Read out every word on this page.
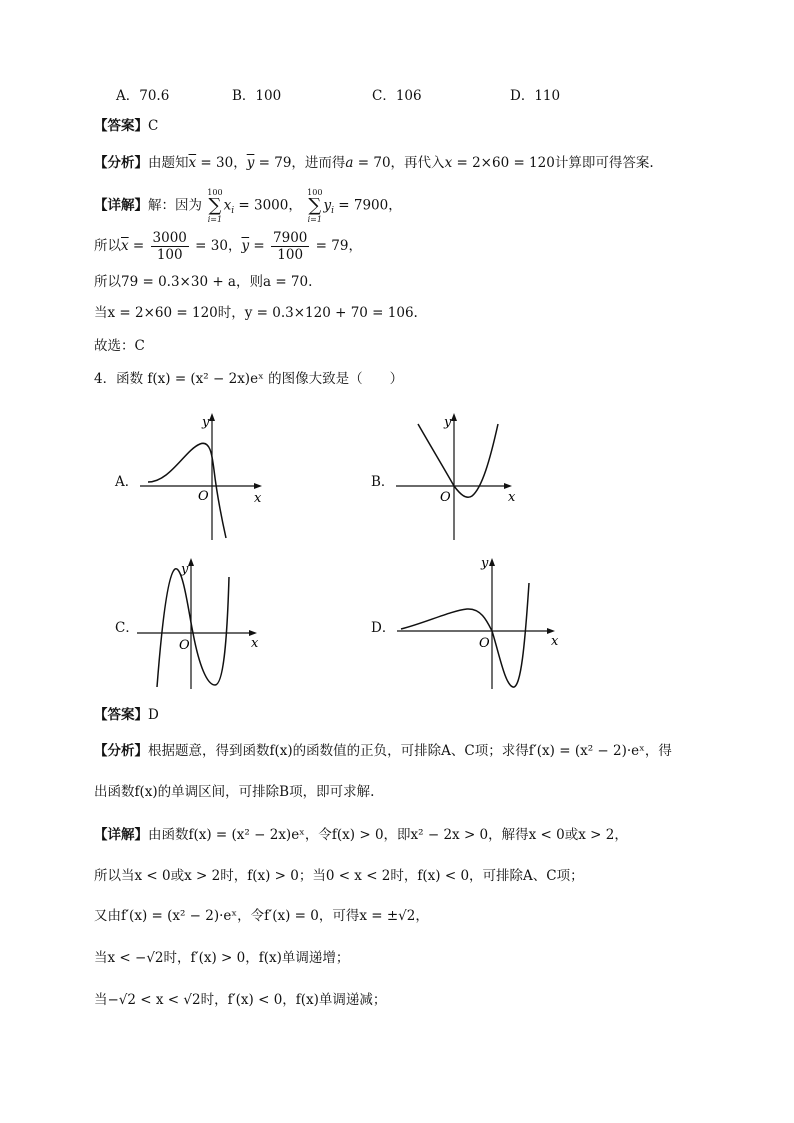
A．70.6	B．100	C．106	D．110
【答案】C
【分析】由题知$\overline{x} = 30$，$\overline{y} = 79$，进而得a = 70，再代入x = 2×60 = 120计算即可得答案.
【详解】解：因为
100
∑
i=1
$x_i = 3000$，
100
∑
i=1
$y_i = 7900$，
所以$\overline{x} = \frac{3000}{100} = 30$，$\overline{y} = \frac{7900}{100} = 79$，
所以79 = 0.3×30 + a，则a = 70.
当x = 2×60 = 120时，y = 0.3×120 + 70 = 106.
故选：C
4．函数 f(x) = (x² − 2x)eˣ 的图像大致是（　　）
A．
y
x
O
B．
y
x
O
C．
y
x
O
D．
y
x
O
【答案】D
【分析】根据题意，得到函数f(x)的函数值的正负，可排除A、C项；求得f′(x) = (x² − 2)·eˣ，得
出函数f(x)的单调区间，可排除B项，即可求解.
【详解】由函数f(x) = (x² − 2x)eˣ，令f(x) > 0，即x² − 2x > 0，解得x < 0或x > 2，
所以当x < 0或x > 2时，f(x) > 0；当0 < x < 2时，f(x) < 0，可排除A、C项；
又由f′(x) = (x² − 2)·eˣ，令f′(x) = 0，可得x = ±√2，
当x < −√2时，f′(x) > 0，f(x)单调递增；
当−√2 < x < √2时，f′(x) < 0，f(x)单调递减；
